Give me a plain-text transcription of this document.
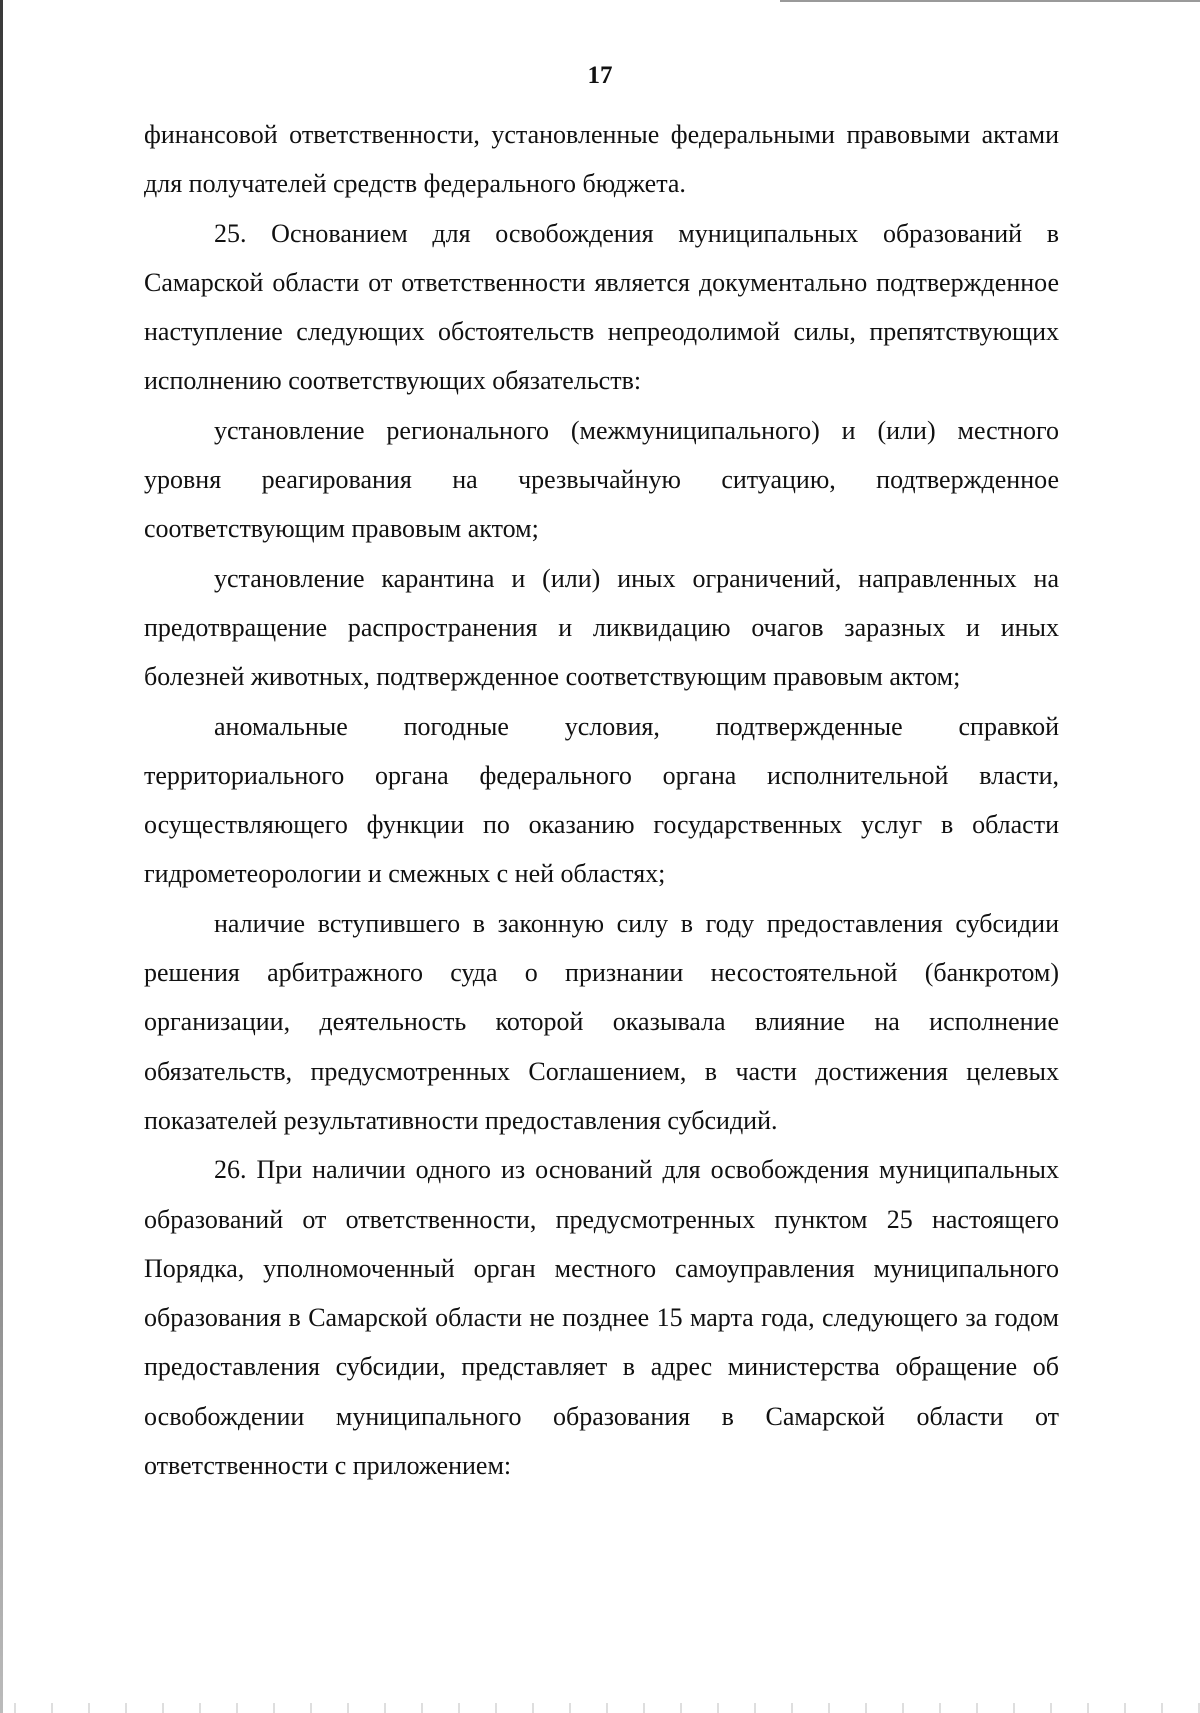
17

финансовой ответственности, установленные федеральными правовыми актами для получателей средств федерального бюджета.

25. Основанием для освобождения муниципальных образований в Самарской области от ответственности является документально подтвержденное наступление следующих обстоятельств непреодолимой силы, препятствующих исполнению соответствующих обязательств:

установление регионального (межмуниципального) и (или) местного уровня реагирования на чрезвычайную ситуацию, подтвержденное соответствующим правовым актом;

установление карантина и (или) иных ограничений, направленных на предотвращение распространения и ликвидацию очагов заразных и иных болезней животных, подтвержденное соответствующим правовым актом;

аномальные погодные условия, подтвержденные справкой территориального органа федерального органа исполнительной власти, осуществляющего функции по оказанию государственных услуг в области гидрометеорологии и смежных с ней областях;

наличие вступившего в законную силу в году предоставления субсидии решения арбитражного суда о признании несостоятельной (банкротом) организации, деятельность которой оказывала влияние на исполнение обязательств, предусмотренных Соглашением, в части достижения целевых показателей результативности предоставления субсидий.

26. При наличии одного из оснований для освобождения муниципальных образований от ответственности, предусмотренных пунктом 25 настоящего Порядка, уполномоченный орган местного самоуправления муниципального образования в Самарской области не позднее 15 марта года, следующего за годом предоставления субсидии, представляет в адрес министерства обращение об освобождении муниципального образования в Самарской области от ответственности с приложением:
